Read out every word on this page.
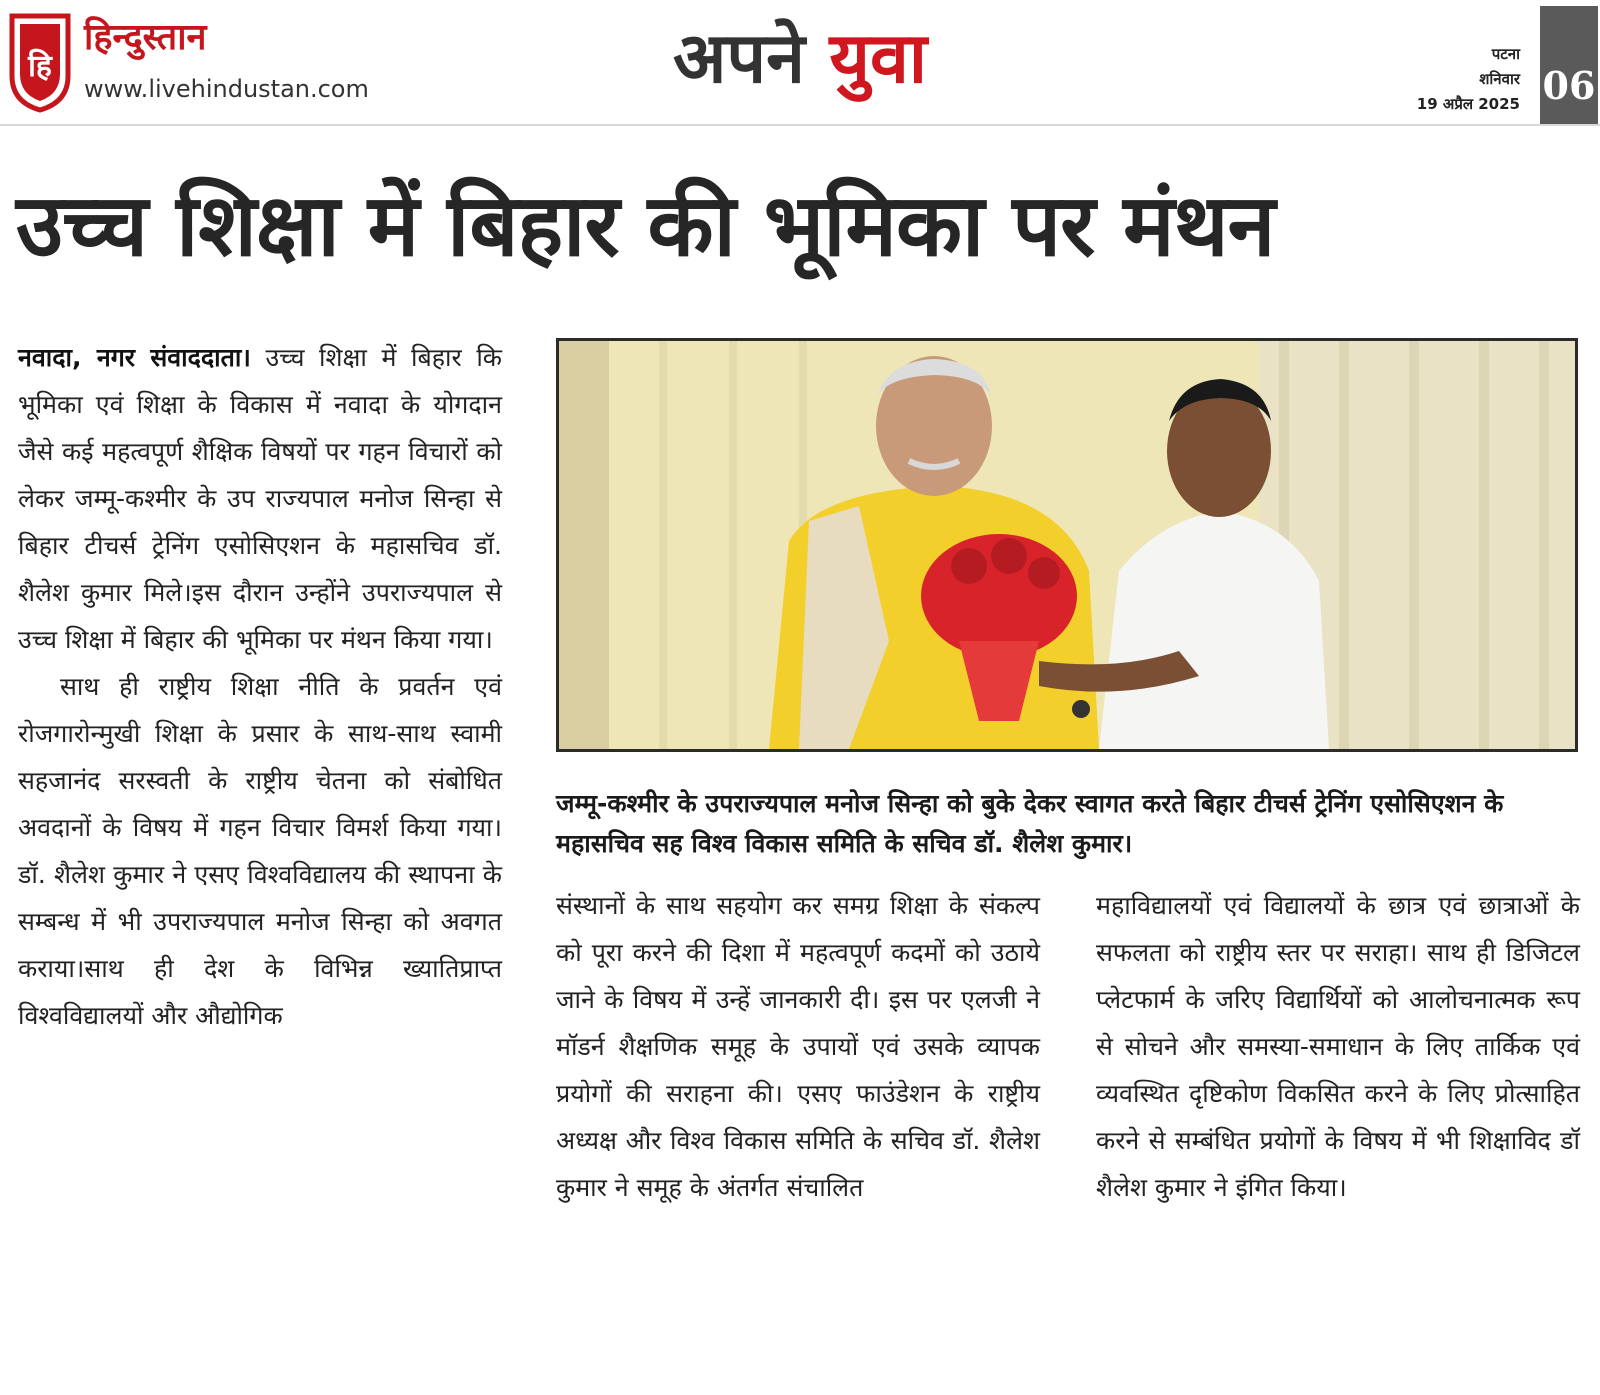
हि
हिन्दुस्तान
www.livehindustan.com	अपने युवा	पटना
शनिवार
19 अप्रैल 2025 06
उच्च शिक्षा में बिहार की भूमिका पर मंथन

नवादा, नगर संवाददाता। उच्च शिक्षा में बिहार कि भूमिका एवं शिक्षा के विकास में नवादा के योगदान जैसे कई महत्वपूर्ण शैक्षिक विषयों पर गहन विचारों को लेकर जम्मू-कश्मीर के उप राज्यपाल मनोज सिन्हा से बिहार टीचर्स ट्रेनिंग एसोसिएशन के महासचिव डॉ. शैलेश कुमार मिले।इस दौरान उन्होंने उपराज्यपाल से उच्च शिक्षा में बिहार की भूमिका पर मंथन किया गया।

साथ ही राष्ट्रीय शिक्षा नीति के प्रवर्तन एवं रोजगारोन्मुखी शिक्षा के प्रसार के साथ-साथ स्वामी सहजानंद सरस्वती के राष्ट्रीय चेतना को संबोधित अवदानों के विषय में गहन विचार विमर्श किया गया। डॉ. शैलेश कुमार ने एसए विश्वविद्यालय की स्थापना के सम्बन्ध में भी उपराज्यपाल मनोज सिन्हा को अवगत कराया।साथ ही देश के विभिन्न ख्यातिप्राप्त विश्वविद्यालयों और औद्योगिक

जम्मू-कश्मीर के उपराज्यपाल मनोज सिन्हा को बुके देकर स्वागत करते बिहार टीचर्स ट्रेनिंग एसोसिएशन के महासचिव सह विश्व विकास समिति के सचिव डॉ. शैलेश कुमार।

संस्थानों के साथ सहयोग कर समग्र शिक्षा के संकल्प को पूरा करने की दिशा में महत्वपूर्ण कदमों को उठाये जाने के विषय में उन्हें जानकारी दी। इस पर एलजी ने मॉडर्न शैक्षणिक समूह के उपायों एवं उसके व्यापक प्रयोगों की सराहना की। एसए फाउंडेशन के राष्ट्रीय अध्यक्ष और विश्व विकास समिति के सचिव डॉ. शैलेश कुमार ने समूह के अंतर्गत संचालित

महाविद्यालयों एवं विद्यालयों के छात्र एवं छात्राओं के सफलता को राष्ट्रीय स्तर पर सराहा। साथ ही डिजिटल प्लेटफार्म के जरिए विद्यार्थियों को आलोचनात्मक रूप से सोचने और समस्या-समाधान के लिए तार्किक एवं व्यवस्थित दृष्टिकोण विकसित करने के लिए प्रोत्साहित करने से सम्बंधित प्रयोगों के विषय में भी शिक्षाविद डॉ शैलेश कुमार ने इंगित किया।
